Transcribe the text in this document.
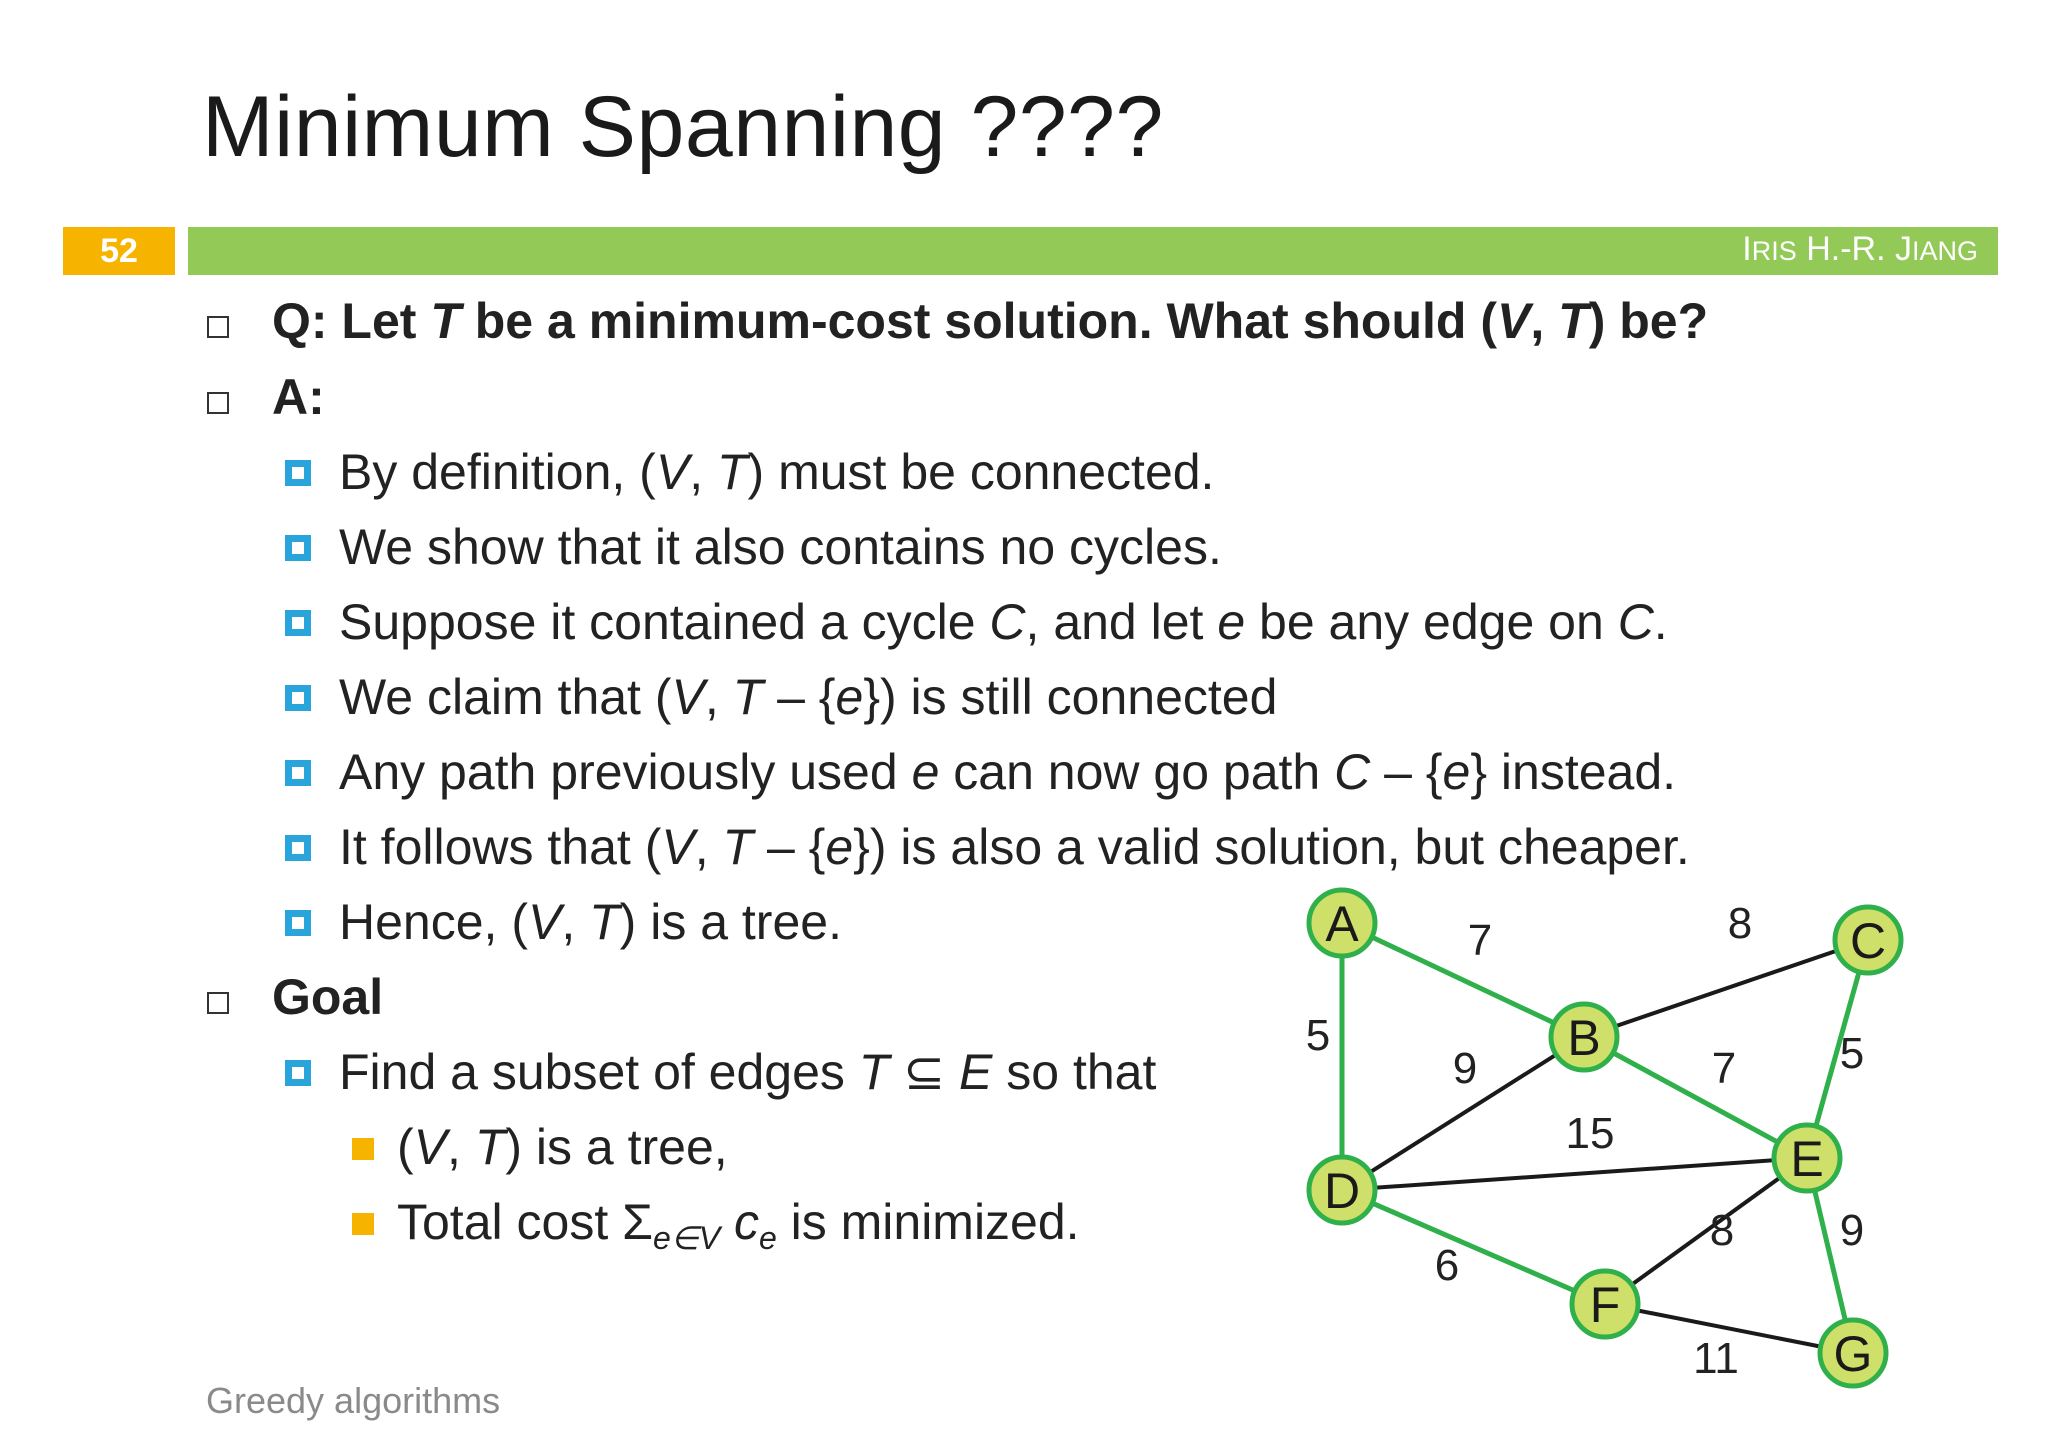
Minimum Spanning ????
52	IRIS H.-R. JIANG
Q: Let T be a minimum-cost solution. What should (V, T) be?
A:
By definition, (V, T) must be connected.
We show that it also contains no cycles.
Suppose it contained a cycle C, and let e be any edge on C.
We claim that (V, T – {e}) is still connected
Any path previously used e can now go path C – {e} instead.
It follows that (V, T – {e}) is also a valid solution, but cheaper.
Hence, (V, T) is a tree.
Goal
Find a subset of edges T ⊆ E so that
(V, T) is a tree,
Total cost $\Sigma_{e\in V}$ $c_e$ is minimized.
Greedy algorithms
7	8
5
9	7 5
15
6
8 9
11
A
B
C
D
E
F
G
